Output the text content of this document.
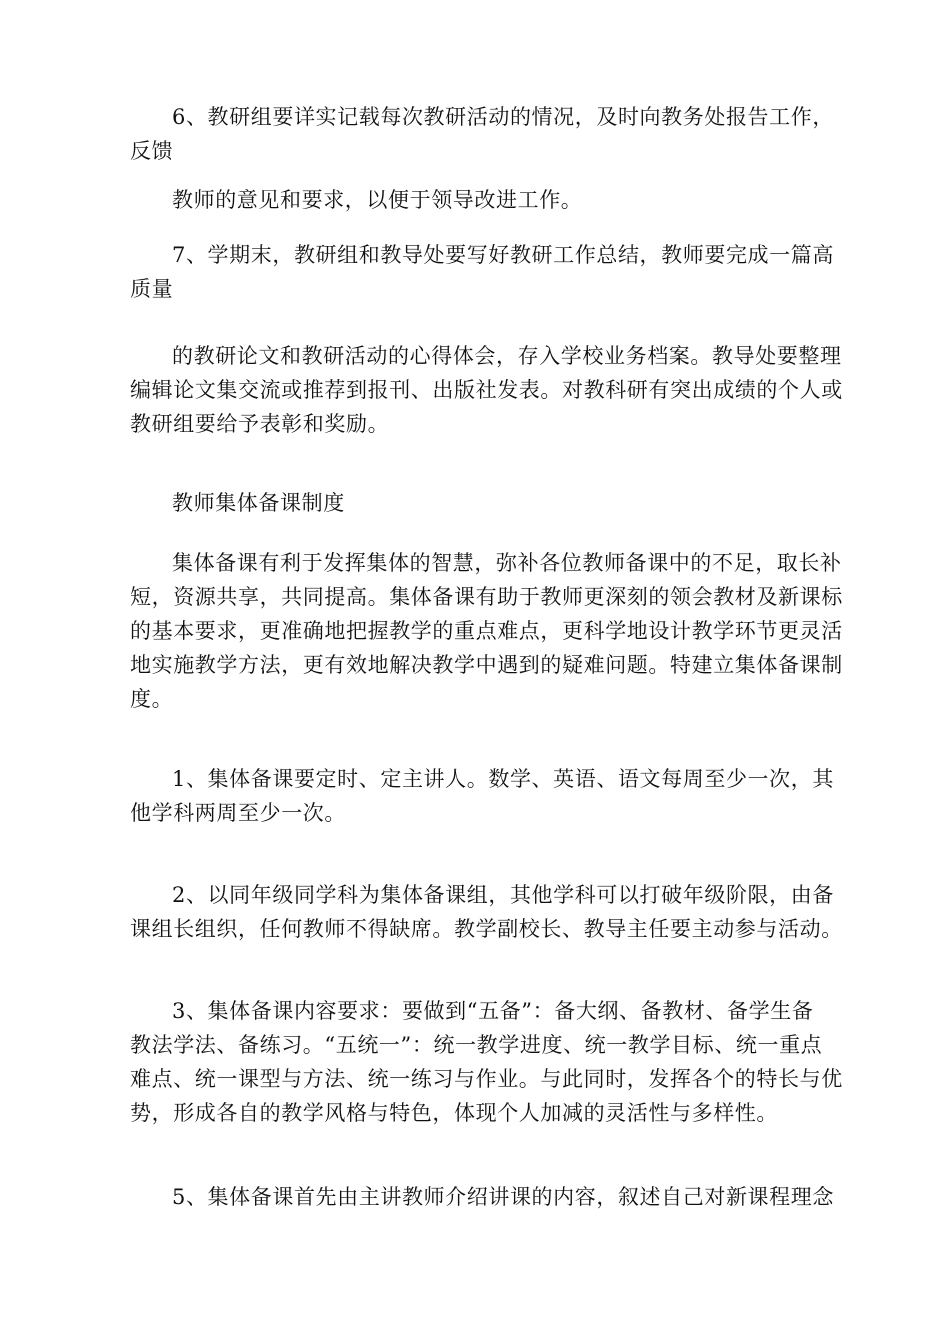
6、教研组要详实记载每次教研活动的情况，及时向教务处报告工作，
反馈
教师的意见和要求，以便于领导改进工作。
7、学期末，教研组和教导处要写好教研工作总结，教师要完成一篇高
质量
的教研论文和教研活动的心得体会，存入学校业务档案。教导处要整理
编辑论文集交流或推荐到报刊、出版社发表。对教科研有突出成绩的个人或
教研组要给予表彰和奖励。
教师集体备课制度
集体备课有利于发挥集体的智慧，弥补各位教师备课中的不足，取长补
短，资源共享，共同提高。集体备课有助于教师更深刻的领会教材及新课标
的基本要求，更准确地把握教学的重点难点，更科学地设计教学环节更灵活
地实施教学方法，更有效地解决教学中遇到的疑难问题。特建立集体备课制
度。
1、集体备课要定时、定主讲人。数学、英语、语文每周至少一次，其
他学科两周至少一次。
2、以同年级同学科为集体备课组，其他学科可以打破年级阶限，由备
课组长组织，任何教师不得缺席。教学副校长、教导主任要主动参与活动。
3、集体备课内容要求：要做到“五备”：备大纲、备教材、备学生备
教法学法、备练习。“五统一”：统一教学进度、统一教学目标、统一重点
难点、统一课型与方法、统一练习与作业。与此同时，发挥各个的特长与优
势，形成各自的教学风格与特色，体现个人加减的灵活性与多样性。
5、集体备课首先由主讲教师介绍讲课的内容，叙述自己对新课程理念
